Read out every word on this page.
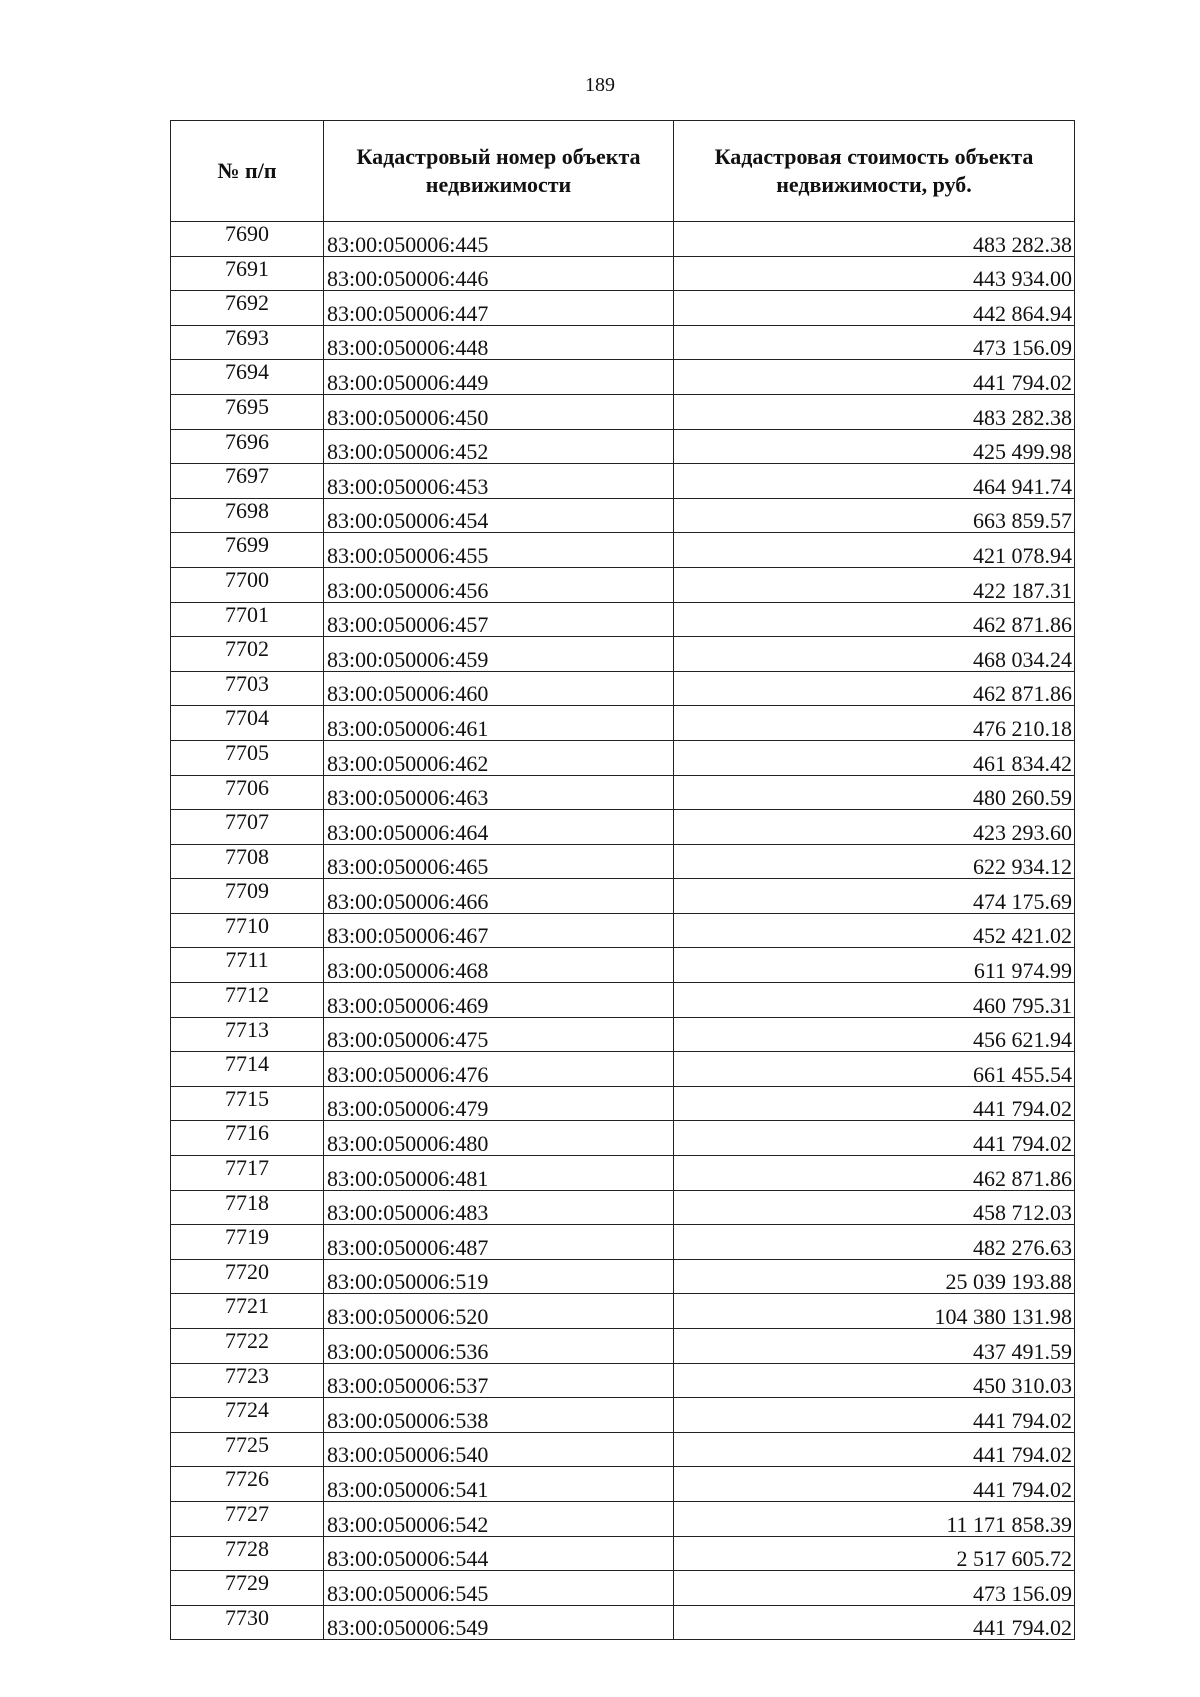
189
№ п/п	Кадастровый номер объекта недвижимости	Кадастровая стоимость объекта недвижимости, руб.
7690	83:00:050006:445	483 282.38
7691	83:00:050006:446	443 934.00
7692	83:00:050006:447	442 864.94
7693	83:00:050006:448	473 156.09
7694	83:00:050006:449	441 794.02
7695	83:00:050006:450	483 282.38
7696	83:00:050006:452	425 499.98
7697	83:00:050006:453	464 941.74
7698	83:00:050006:454	663 859.57
7699	83:00:050006:455	421 078.94
7700	83:00:050006:456	422 187.31
7701	83:00:050006:457	462 871.86
7702	83:00:050006:459	468 034.24
7703	83:00:050006:460	462 871.86
7704	83:00:050006:461	476 210.18
7705	83:00:050006:462	461 834.42
7706	83:00:050006:463	480 260.59
7707	83:00:050006:464	423 293.60
7708	83:00:050006:465	622 934.12
7709	83:00:050006:466	474 175.69
7710	83:00:050006:467	452 421.02
7711	83:00:050006:468	611 974.99
7712	83:00:050006:469	460 795.31
7713	83:00:050006:475	456 621.94
7714	83:00:050006:476	661 455.54
7715	83:00:050006:479	441 794.02
7716	83:00:050006:480	441 794.02
7717	83:00:050006:481	462 871.86
7718	83:00:050006:483	458 712.03
7719	83:00:050006:487	482 276.63
7720	83:00:050006:519	25 039 193.88
7721	83:00:050006:520	104 380 131.98
7722	83:00:050006:536	437 491.59
7723	83:00:050006:537	450 310.03
7724	83:00:050006:538	441 794.02
7725	83:00:050006:540	441 794.02
7726	83:00:050006:541	441 794.02
7727	83:00:050006:542	11 171 858.39
7728	83:00:050006:544	2 517 605.72
7729	83:00:050006:545	473 156.09
7730	83:00:050006:549	441 794.02
